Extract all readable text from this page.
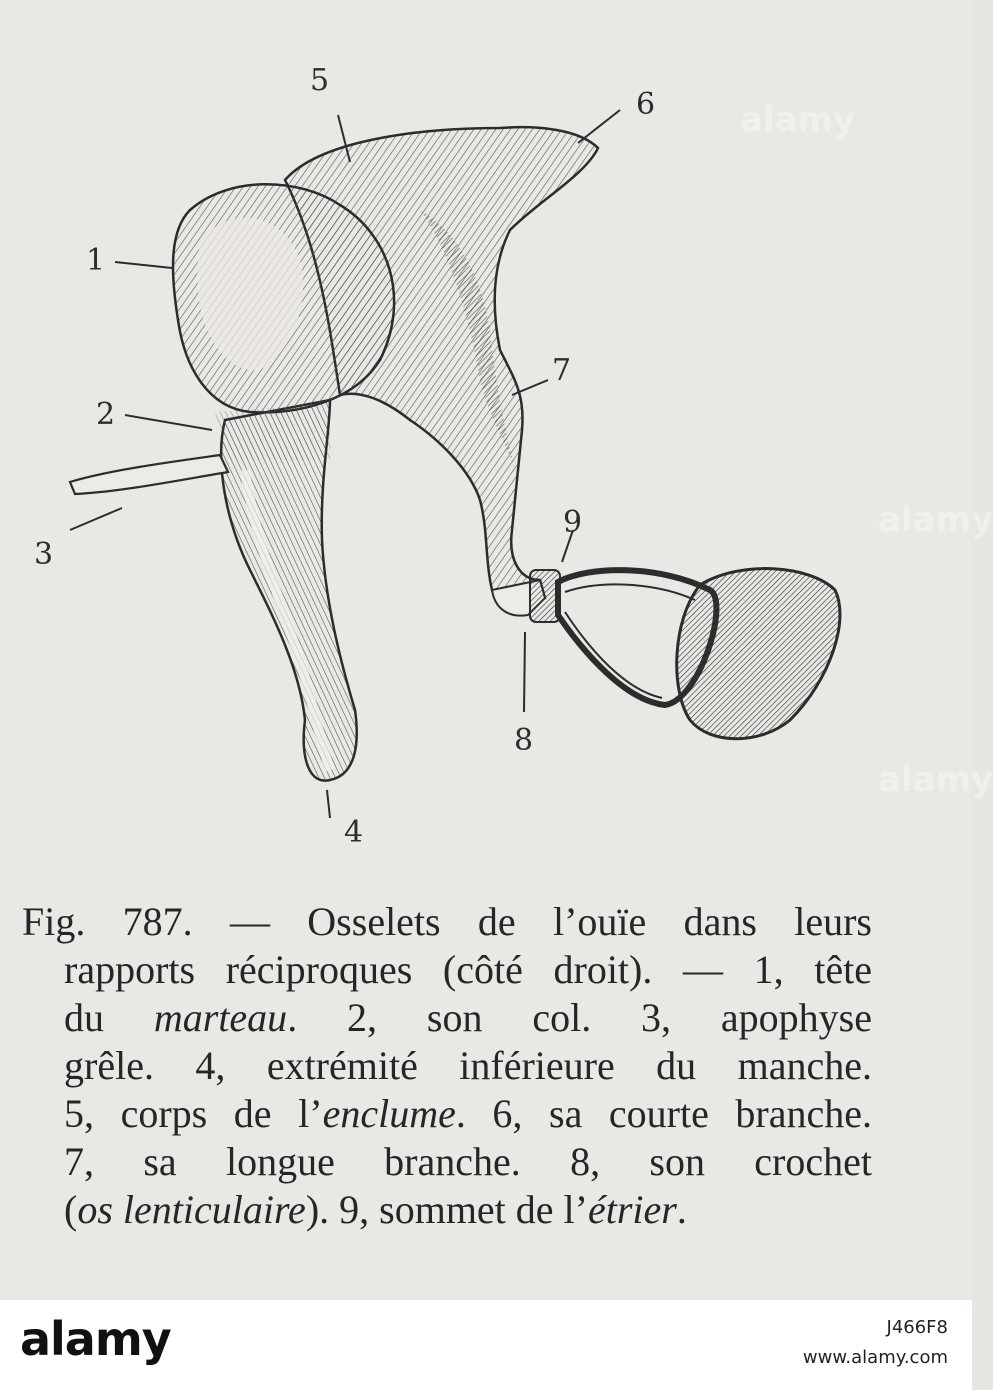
1
2
3
4
5
6
7
8
9
Fig. 787. — Osselets de l’ouïe dans leurs
rapports réciproques (côté droit). — 1, tête
du marteau. 2, son col. 3, apophyse
grêle. 4, extrémité inférieure du manche.
5, corps de l’enclume. 6, sa courte branche.
7, sa longue branche. 8, son crochet
(os lenticulaire). 9, sommet de l’étrier.
alamy
alamy
alamy
alamy	J466F8
www.alamy.com
